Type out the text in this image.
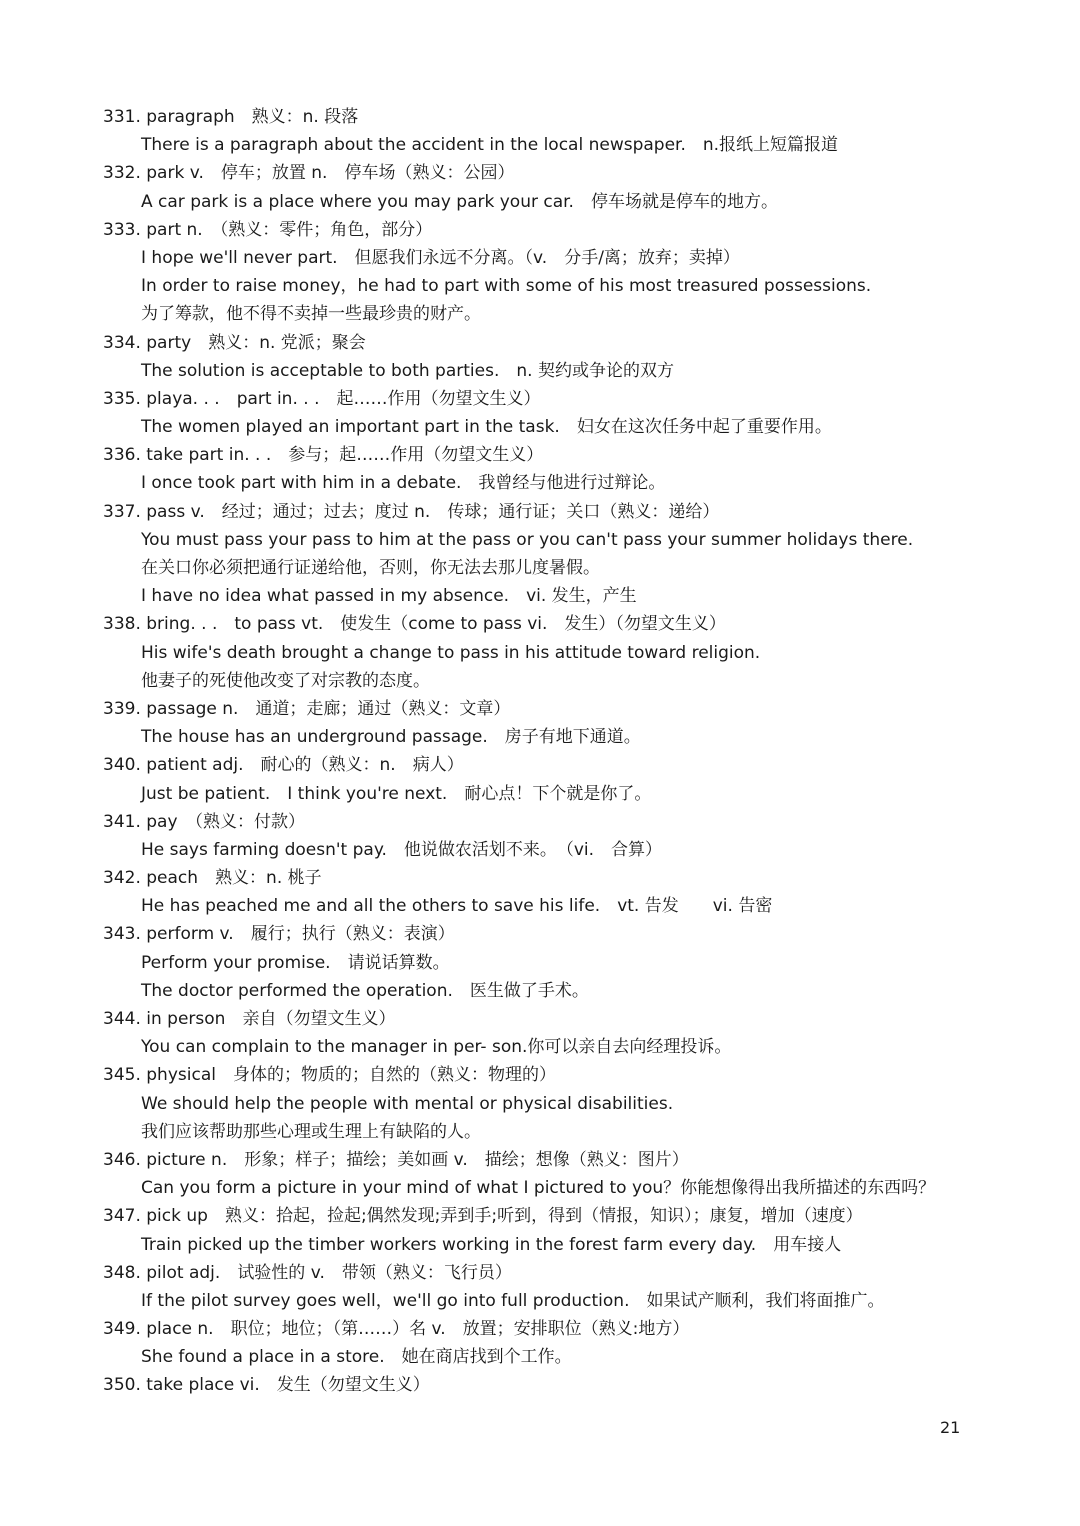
331. paragraph　 熟义：n. 段落
There is a paragraph about the accident in the local newspaper.　n.报纸上短篇报道
332. park v.　 停车；放置 n.　停车场（熟义：公园）
A car park is a place where you may park your car.　停车场就是停车的地方。
333. part n.　 （熟义：零件；角色，部分）
I hope we'll never part.　但愿我们永远不分离。（v.　分手/离；放弃；卖掉）
In order to raise money，he had to part with some of his most treasured possessions.
为了筹款，他不得不卖掉一些最珍贵的财产。
334. party　 熟义：n. 党派；聚会
The solution is acceptable to both parties.　n. 契约或争论的双方
335. playa. . .　part in. . .　 起……作用（勿望文生义）
The women played an important part in the task.　妇女在这次任务中起了重要作用。
336. take part in. . .　 参与；起……作用（勿望文生义）
I once took part with him in a debate.　我曾经与他进行过辩论。
337. pass v.　 经过；通过；过去；度过 n.　传球；通行证；关口（熟义：递给）
You must pass your pass to him at the pass or you can't pass your summer holidays there.
在关口你必须把通行证递给他，否则，你无法去那儿度暑假。
I have no idea what passed in my absence.　vi. 发生，产生
338. bring. . .　to pass vt.　 使发生（come to pass vi.　发生）（勿望文生义）
His wife's death brought a change to pass in his attitude toward religion.
他妻子的死使他改变了对宗教的态度。
339. passage n.　 通道；走廊；通过（熟义：文章）
The house has an underground passage.　房子有地下通道。
340. patient adj.　 耐心的（熟义：n.　病人）
Just be patient.　I think you're next.　耐心点！下个就是你了。
341. pay　 （熟义：付款）
He says farming doesn't pay.　他说做农活划不来。　（vi.　合算）
342. peach　 熟义：n. 桃子
He has peached me and all the others to save his life.　vt. 告发　　vi. 告密
343. perform v.　 履行；执行（熟义：表演）
Perform your promise.　请说话算数。
The doctor performed the operation.　医生做了手术。
344. in person　 亲自（勿望文生义）
You can complain to the manager in per- son.你可以亲自去向经理投诉。
345. physical　 身体的；物质的；自然的（熟义：物理的）
We should help the people with mental or physical disabilities.
我们应该帮助那些心理或生理上有缺陷的人。
346. picture n.　 形象；样子；描绘；美如画 v.　描绘；想像（熟义：图片）
Can you form a picture in your mind of what I pictured to you？你能想像得出我所描述的东西吗？
347. pick up　 熟义：拾起，捡起;偶然发现;弄到手;听到，得到（情报，知识）；康复，增加（速度）
Train picked up the timber workers working in the forest farm every day.　用车接人
348. pilot adj.　 试验性的 v.　带领（熟义：飞行员）
If the pilot survey goes well，we'll go into full production.　如果试产顺利，我们将面推广。
349. place n.　 职位；地位；（第……）名 v.　放置；安排职位（熟义:地方）
She found a place in a store.　她在商店找到个工作。
350. take place vi.　 发生（勿望文生义）
21
